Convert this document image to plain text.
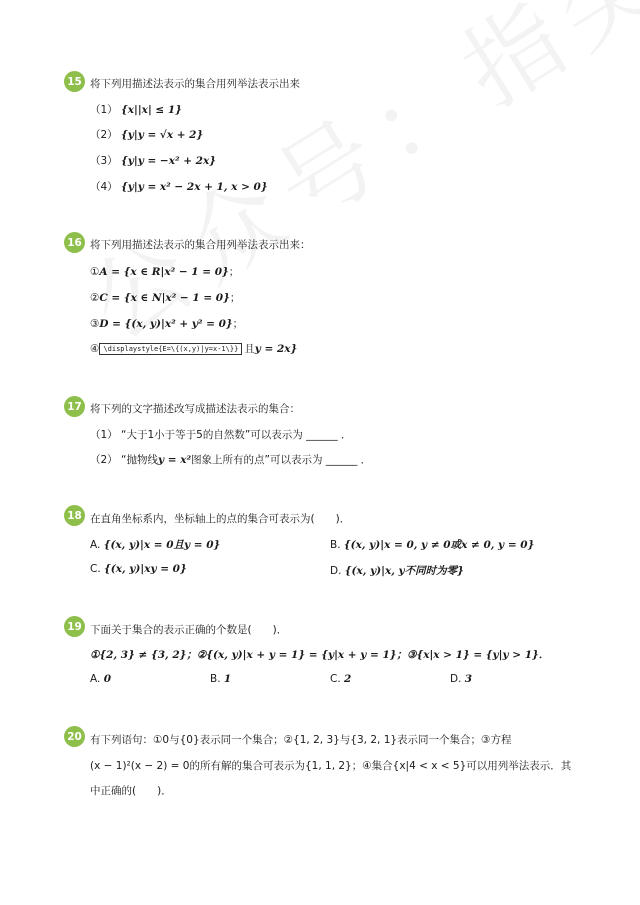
15 将下列用描述法表示的集合用列举法表示出来
（1） {x||x| ≤ 1}
（2） {y|y = √x + 2}
（3） {y|y = −x² + 2x}
（4） {y|y = x² − 2x + 1, x > 0}
16 将下列用描述法表示的集合用列举法表示出来：
①A = {x ∈ R|x² − 1 = 0}；
②C = {x ∈ N|x² − 1 = 0}；
③D = {(x, y)|x² + y² = 0}；
④ \displaystyle{E=\{(x,y)|y=x-1\}} 且y = 2x}
17 将下列的文字描述改写成描述法表示的集合：
（1） “大于1小于等于5的自然数”可以表示为 ______ ．
（2） “抛物线y = x²图象上所有的点”可以表示为 ______ ．
18 在直角坐标系内，坐标轴上的点的集合可表示为(　　)．
A. {(x, y)|x = 0且y = 0}	B. {(x, y)|x = 0, y ≠ 0或x ≠ 0, y = 0}
C. {(x, y)|xy = 0}	D. {(x, y)|x, y不同时为零}
19 下面关于集合的表示正确的个数是(　　)．
①{2, 3} ≠ {3, 2}；②{(x, y)|x + y = 1} = {y|x + y = 1}；③{x|x > 1} = {y|y > 1}．
A. 0	B. 1	C. 2	D. 3
20 有下列语句：①0与{0}表示同一个集合；②{1, 2, 3}与{3, 2, 1}表示同一个集合；③方程
(x − 1)²(x − 2) = 0的所有解的集合可表示为{1, 1, 2}；④集合{x|4 < x < 5}可以用列举法表示．其
中正确的(　　)．
